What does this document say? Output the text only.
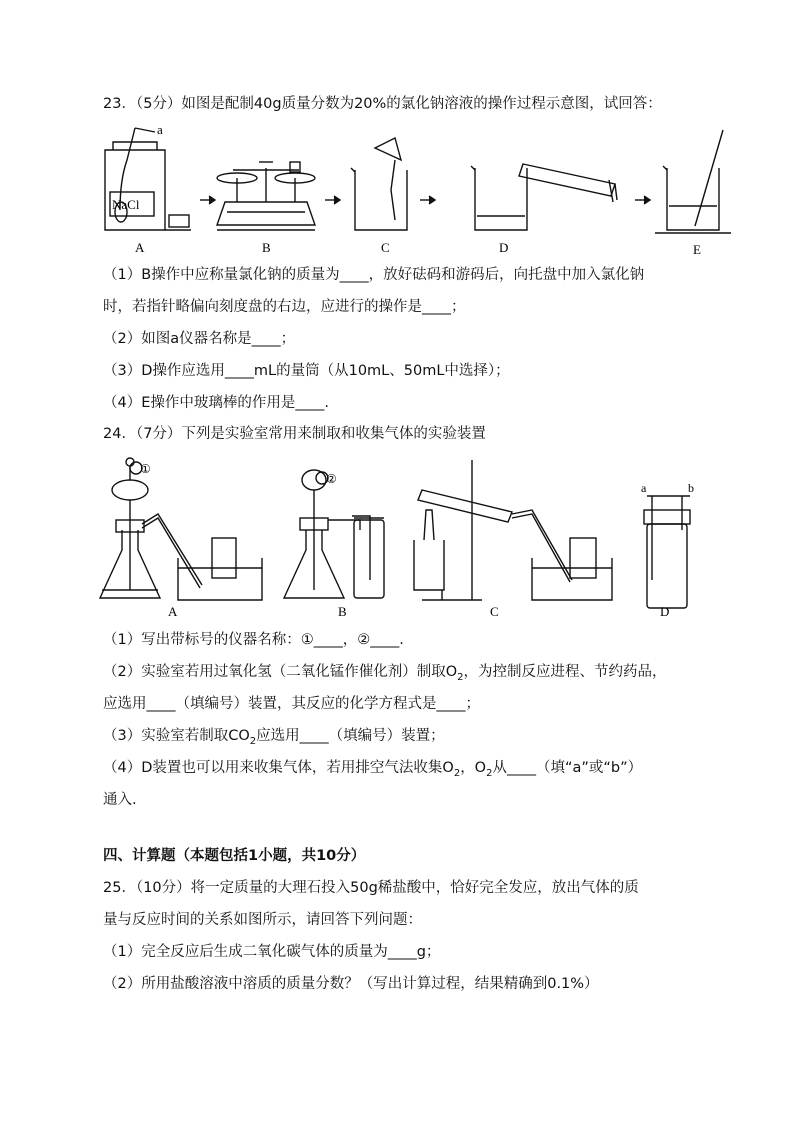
23．（5分）如图是配制40g质量分数为20%的氯化钠溶液的操作过程示意图，试回答：
a
NaCl
A	B	C	D	E
（1）B操作中应称量氯化钠的质量为____，放好砝码和游码后，向托盘中加入氯化钠
时，若指针略偏向刻度盘的右边，应进行的操作是____；
（2）如图a仪器名称是____；
（3）D操作应选用____mL的量筒（从10mL、50mL中选择）；
（4）E操作中玻璃棒的作用是____.
24．（7分）下列是实验室常用来制取和收集气体的实验装置
①
②
a	b
A	B	C	D
（1）写出带标号的仪器名称：①____，②____.
（2）实验室若用过氧化氢（二氧化锰作催化剂）制取$O_2$，为控制反应进程、节约药品，
应选用____（填编号）装置，其反应的化学方程式是____；
（3）实验室若制取$CO_2$应选用____（填编号）装置；
（4）D装置也可以用来收集气体，若用排空气法收集$O_2$，$O_2$从____（填“a”或“b”）
通入.
四、计算题（本题包括1小题，共10分）
25．（10分）将一定质量的大理石投入50g稀盐酸中，恰好完全发应，放出气体的质
量与反应时间的关系如图所示，请回答下列问题：
（1）完全反应后生成二氧化碳气体的质量为____g；
（2）所用盐酸溶液中溶质的质量分数？（写出计算过程，结果精确到0.1%）
